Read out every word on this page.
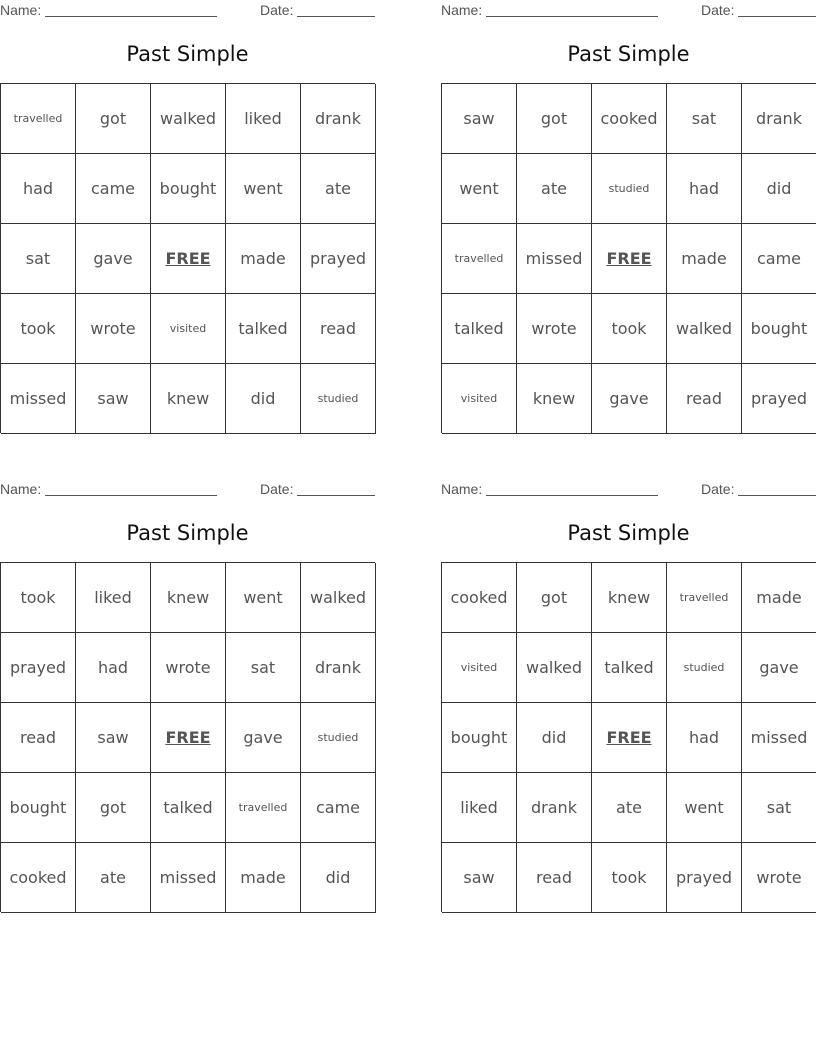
Name:	Date:
Past Simple
travelled	got	walked	liked	drank
had	came	bought	went	ate
sat	gave	FREE	made	prayed
took	wrote	visited	talked	read
missed	saw	knew	did	studied
Name:	Date:
Past Simple
saw	got	cooked	sat	drank
went	ate	studied	had	did
travelled	missed	FREE	made	came
talked	wrote	took	walked	bought
visited	knew	gave	read	prayed
Name:	Date:
Past Simple
took	liked	knew	went	walked
prayed	had	wrote	sat	drank
read	saw	FREE	gave	studied
bought	got	talked	travelled	came
cooked	ate	missed	made	did
Name:	Date:
Past Simple
cooked	got	knew	travelled	made
visited	walked	talked	studied	gave
bought	did	FREE	had	missed
liked	drank	ate	went	sat
saw	read	took	prayed	wrote
